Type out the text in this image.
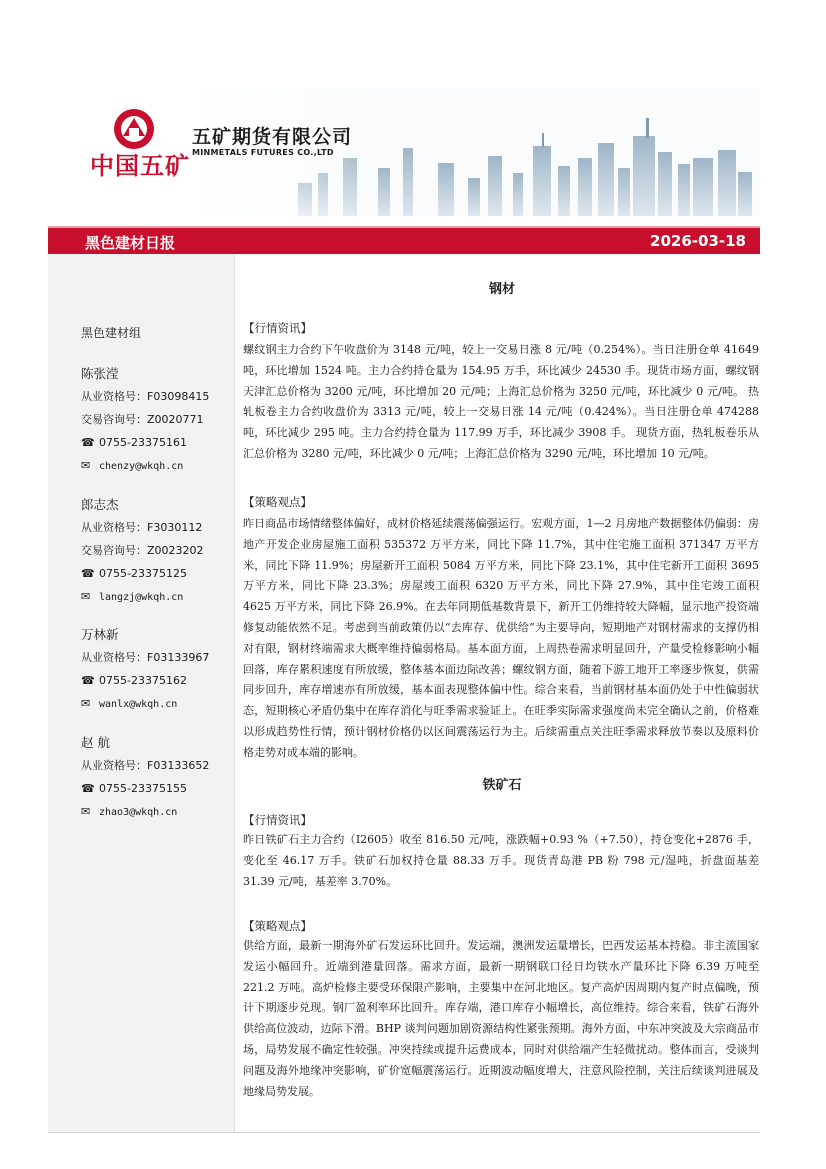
中国五矿
五矿期货有限公司
MINMETALS FUTURES CO.,LTD
黑色建材日报	2026-03-18
黑色建材组
陈张滢
从业资格号：F03098415
交易咨询号：Z0020771
☎ 0755-23375161
✉ chenzy@wkqh.cn
郎志杰
从业资格号：F3030112
交易咨询号：Z0023202
☎ 0755-23375125
✉ langzj@wkqh.cn
万林新
从业资格号：F03133967
☎ 0755-23375162
✉ wanlx@wkqh.cn
赵 航
从业资格号：F03133652
☎ 0755-23375155
✉ zhao3@wkqh.cn
钢材
【行情资讯】
螺纹钢主力合约下午收盘价为 3148 元/吨，较上一交易日涨 8 元/吨（0.254%）。当日注册仓单 41649 吨，环比增加 1524 吨。主力合约持仓量为 154.95 万手，环比减少 24530 手。现货市场方面，螺纹钢天津汇总价格为 3200 元/吨，环比增加 20 元/吨；上海汇总价格为 3250 元/吨，环比减少 0 元/吨。 热轧板卷主力合约收盘价为 3313 元/吨，较上一交易日涨 14 元/吨（0.424%）。当日注册仓单 474288 吨，环比减少 295 吨。主力合约持仓量为 117.99 万手，环比减少 3908 手。 现货方面，热轧板卷乐从汇总价格为 3280 元/吨，环比减少 0 元/吨；上海汇总价格为 3290 元/吨，环比增加 10 元/吨。
【策略观点】
昨日商品市场情绪整体偏好，成材价格延续震荡偏强运行。宏观方面，1—2 月房地产数据整体仍偏弱：房地产开发企业房屋施工面积 535372 万平方米，同比下降 11.7%，其中住宅施工面积 371347 万平方米，同比下降 11.9%；房屋新开工面积 5084 万平方米，同比下降 23.1%，其中住宅新开工面积 3695 万平方米，同比下降 23.3%；房屋竣工面积 6320 万平方米，同比下降 27.9%，其中住宅竣工面积 4625 万平方米，同比下降 26.9%。在去年同期低基数背景下，新开工仍维持较大降幅，显示地产投资端修复动能依然不足。考虑到当前政策仍以“去库存、优供给”为主要导向，短期地产对钢材需求的支撑仍相对有限，钢材终端需求大概率维持偏弱格局。基本面方面，上周热卷需求明显回升，产量受检修影响小幅回落，库存累积速度有所放缓，整体基本面边际改善；螺纹钢方面，随着下游工地开工率逐步恢复，供需同步回升，库存增速亦有所放缓，基本面表现整体偏中性。综合来看，当前钢材基本面仍处于中性偏弱状态，短期核心矛盾仍集中在库存消化与旺季需求验证上。在旺季实际需求强度尚未完全确认之前，价格难以形成趋势性行情，预计钢材价格仍以区间震荡运行为主。后续需重点关注旺季需求释放节奏以及原料价格走势对成本端的影响。
铁矿石
【行情资讯】
昨日铁矿石主力合约（I2605）收至 816.50 元/吨，涨跌幅+0.93 %（+7.50），持仓变化+2876 手，变化至 46.17 万手。铁矿石加权持仓量 88.33 万手。现货青岛港 PB 粉 798 元/湿吨，折盘面基差 31.39 元/吨，基差率 3.70%。
【策略观点】
供给方面，最新一期海外矿石发运环比回升。发运端，澳洲发运量增长，巴西发运基本持稳。非主流国家发运小幅回升。近端到港量回落。需求方面，最新一期钢联口径日均铁水产量环比下降 6.39 万吨至 221.2 万吨。高炉检修主要受环保限产影响，主要集中在河北地区。复产高炉因周期内复产时点偏晚，预计下期逐步兑现。钢厂盈利率环比回升。库存端，港口库存小幅增长，高位维持。综合来看，铁矿石海外供给高位波动，边际下滑。BHP 谈判问题加剧资源结构性紧张预期。海外方面，中东冲突波及大宗商品市场，局势发展不确定性较强。冲突持续或提升运费成本，同时对供给端产生轻微扰动。整体而言，受谈判问题及海外地缘冲突影响，矿价宽幅震荡运行。近期波动幅度增大，注意风险控制，关注后续谈判进展及地缘局势发展。
